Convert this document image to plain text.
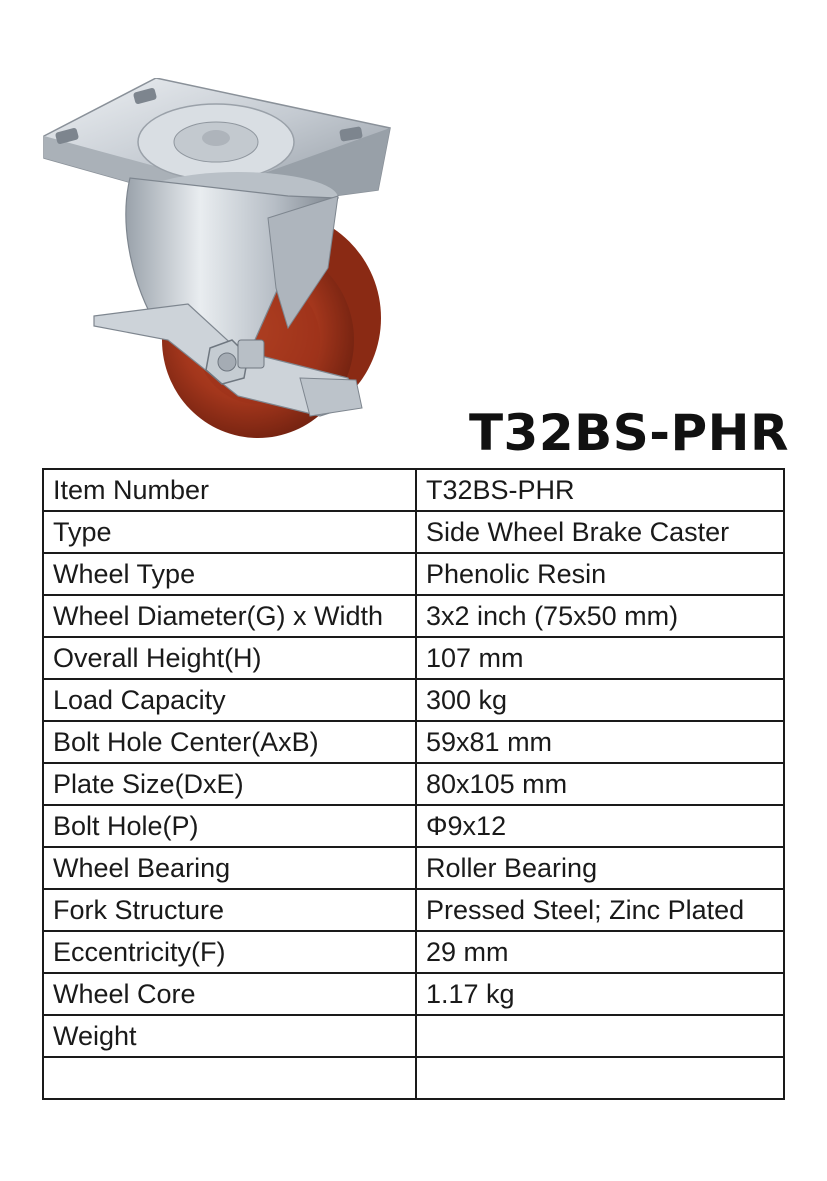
T32BS-PHR
Item Number	T32BS-PHR
Type	Side Wheel Brake Caster
Wheel Type	Phenolic Resin
Wheel Diameter(G) x Width	3x2 inch (75x50 mm)
Overall Height(H)	107 mm
Load Capacity	300 kg
Bolt Hole Center(AxB)	59x81 mm
Plate Size(DxE)	80x105 mm
Bolt Hole(P)	Φ9x12
Wheel Bearing	Roller Bearing
Fork Structure	Pressed Steel; Zinc Plated
Eccentricity(F)	29 mm
Wheel Core	1.17 kg
Weight	
